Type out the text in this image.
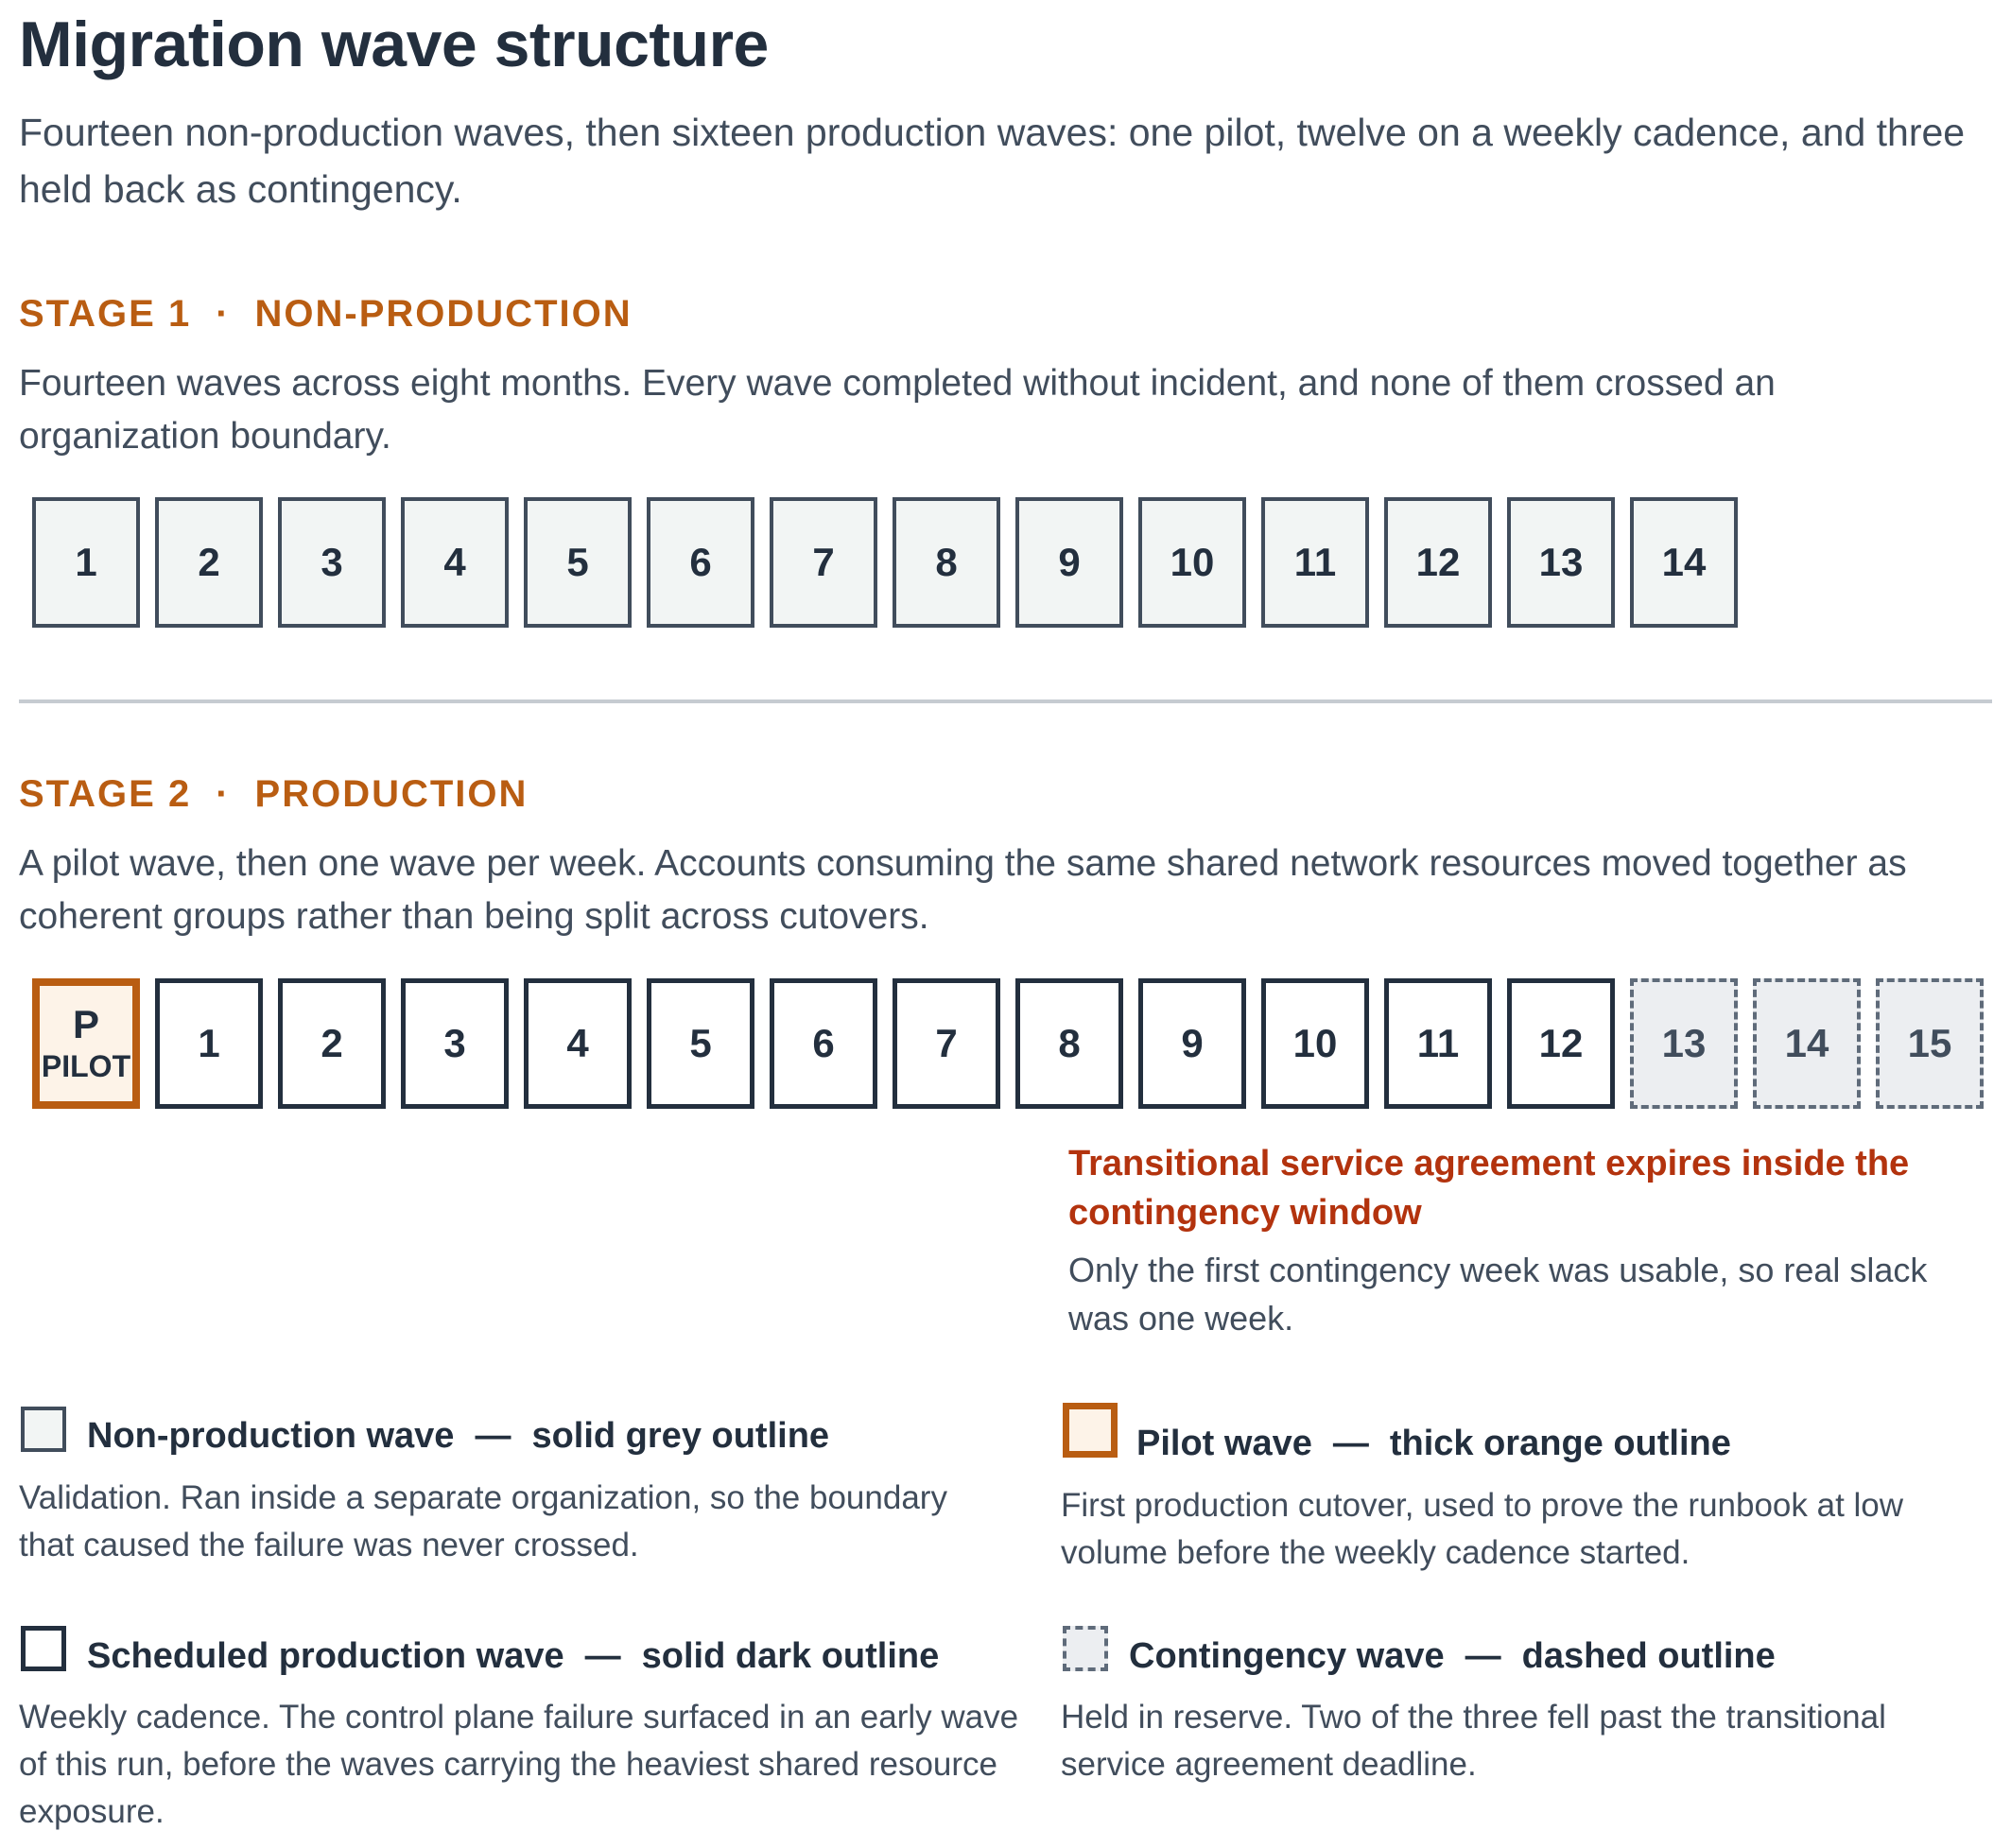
Migration wave structure
Fourteen non-production waves, then sixteen production waves: one pilot, twelve on a weekly cadence, and three held back as contingency.
STAGE 1 · NON-PRODUCTION
Fourteen waves across eight months. Every wave completed without incident, and none of them crossed an organization boundary.
1	2	3	4	5	6	7	8	9	10	11	12	13	14
STAGE 2 · PRODUCTION
A pilot wave, then one wave per week. Accounts consuming the same shared network resources moved together as coherent groups rather than being split across cutovers.
P
PILOT
1	2	3	4	5	6	7	8	9	10	11	12	13	14	15
Transitional service agreement expires inside the contingency window
Only the first contingency week was usable, so real slack was one week.
Non-production wave — solid grey outline
Validation. Ran inside a separate organization, so the boundary that caused the failure was never crossed.
Pilot wave — thick orange outline
First production cutover, used to prove the runbook at low volume before the weekly cadence started.
Scheduled production wave — solid dark outline
Weekly cadence. The control plane failure surfaced in an early wave of this run, before the waves carrying the heaviest shared resource exposure.
Contingency wave — dashed outline
Held in reserve. Two of the three fell past the transitional service agreement deadline.
